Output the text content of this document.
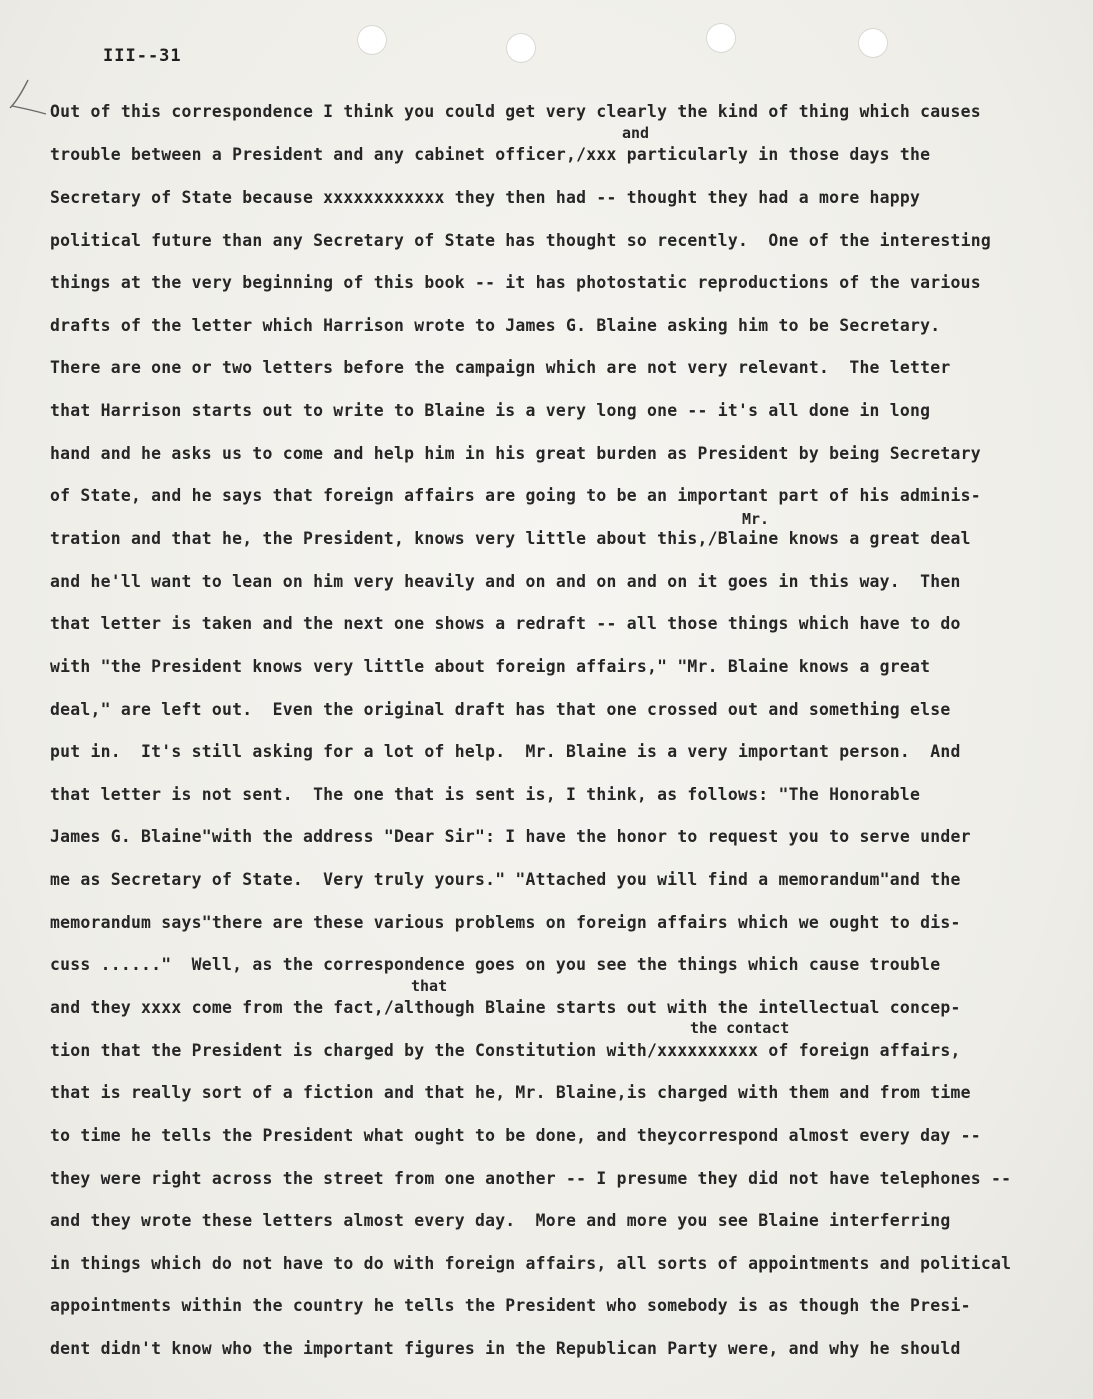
III--31
and
Mr.
that
the contact
Out of this correspondence I think you could get very clearly the kind of thing which causes
trouble between a President and any cabinet officer,/xxx particularly in those days the
Secretary of State because xxxxxxxxxxxx they then had -- thought they had a more happy
political future than any Secretary of State has thought so recently.  One of the interesting
things at the very beginning of this book -- it has photostatic reproductions of the various
drafts of the letter which Harrison wrote to James G. Blaine asking him to be Secretary.
There are one or two letters before the campaign which are not very relevant.  The letter
that Harrison starts out to write to Blaine is a very long one -- it's all done in long
hand and he asks us to come and help him in his great burden as President by being Secretary
of State, and he says that foreign affairs are going to be an important part of his adminis-
tration and that he, the President, knows very little about this,/Blaine knows a great deal
and he'll want to lean on him very heavily and on and on and on it goes in this way.  Then
that letter is taken and the next one shows a redraft -- all those things which have to do
with "the President knows very little about foreign affairs," "Mr. Blaine knows a great
deal," are left out.  Even the original draft has that one crossed out and something else
put in.  It's still asking for a lot of help.  Mr. Blaine is a very important person.  And
that letter is not sent.  The one that is sent is, I think, as follows: "The Honorable
James G. Blaine"with the address "Dear Sir": I have the honor to request you to serve under
me as Secretary of State.  Very truly yours." "Attached you will find a memorandum"and the
memorandum says"there are these various problems on foreign affairs which we ought to dis-
cuss ......"  Well, as the correspondence goes on you see the things which cause trouble
and they xxxx come from the fact,/although Blaine starts out with the intellectual concep-
tion that the President is charged by the Constitution with/xxxxxxxxxx of foreign affairs,
that is really sort of a fiction and that he, Mr. Blaine,is charged with them and from time
to time he tells the President what ought to be done, and theycorrespond almost every day --
they were right across the street from one another -- I presume they did not have telephones --
and they wrote these letters almost every day.  More and more you see Blaine interferring
in things which do not have to do with foreign affairs, all sorts of appointments and political
appointments within the country he tells the President who somebody is as though the Presi-
dent didn't know who the important figures in the Republican Party were, and why he should
